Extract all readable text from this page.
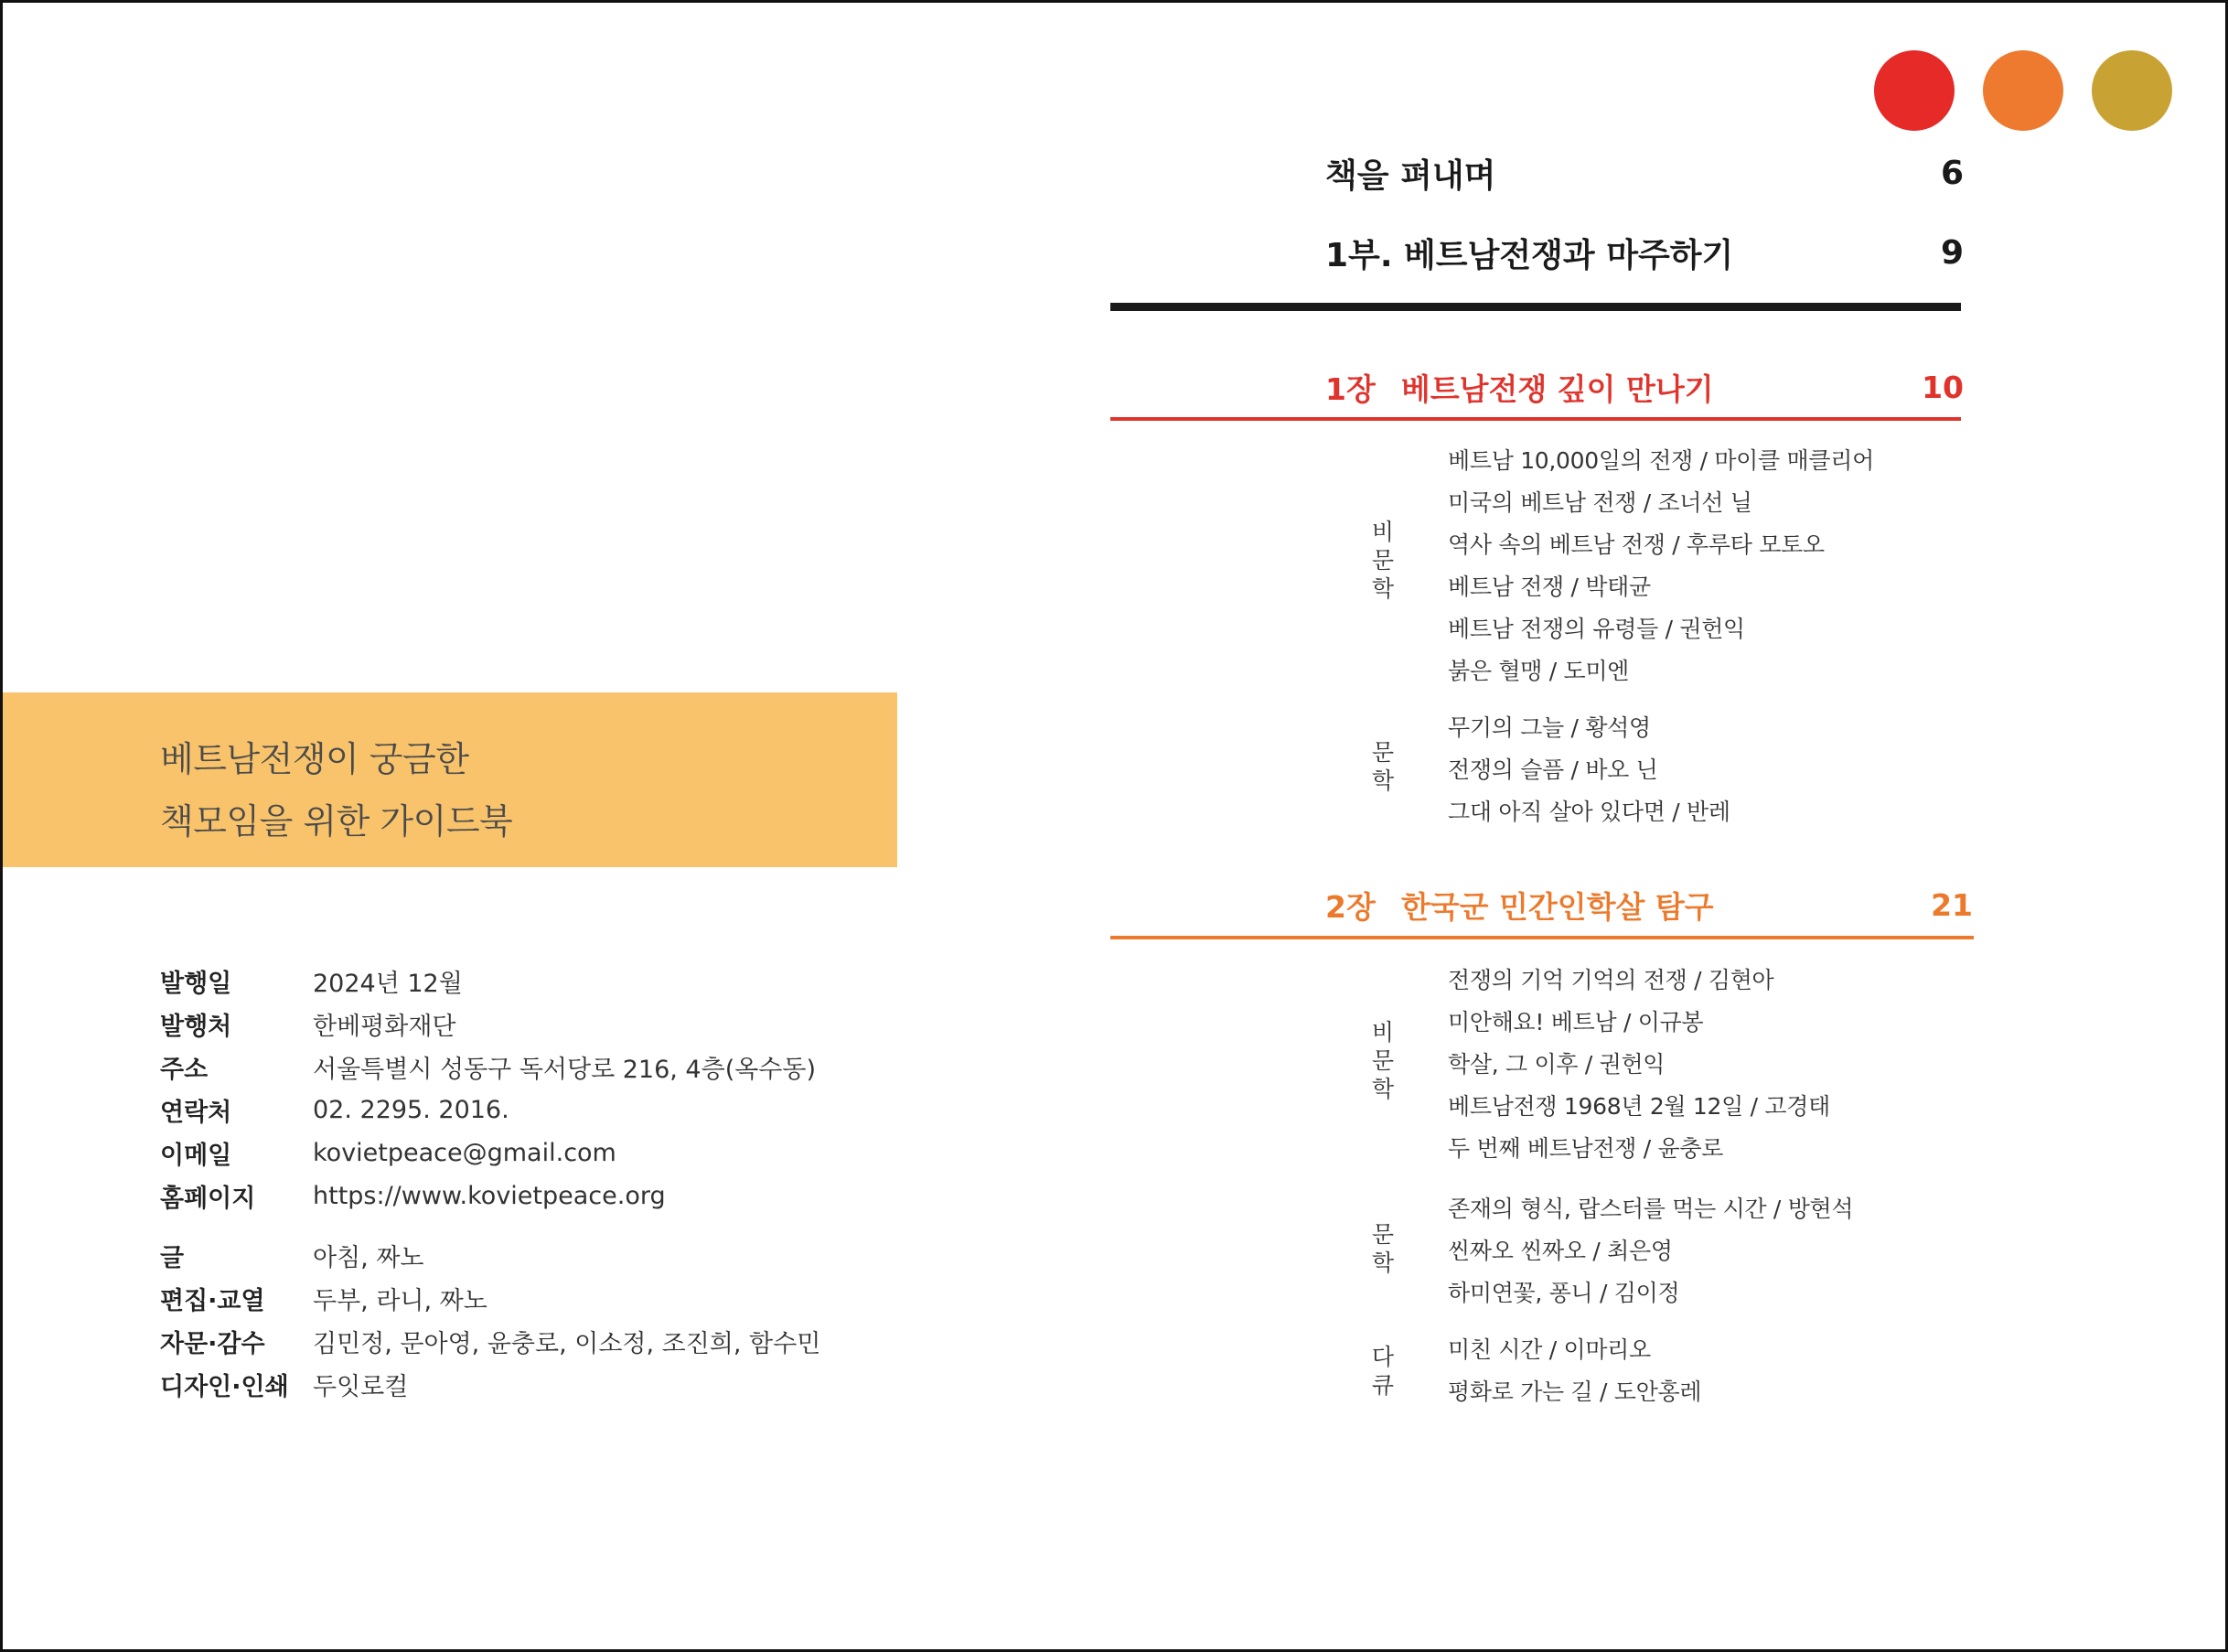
베트남전쟁이 궁금한
책모임을 위한 가이드북
발행일	2024년 12월
발행처	한베평화재단
주소	서울특별시 성동구 독서당로 216, 4층(옥수동)
연락처	02. 2295. 2016.
이메일	kovietpeace@gmail.com
홈페이지	https://www.kovietpeace.org
글	아침, 짜노
편집·교열	두부, 라니, 짜노
자문·감수	김민정, 문아영, 윤충로, 이소정, 조진희, 함수민
디자인·인쇄 두잇로컬
책을 펴내며	6
1부. 베트남전쟁과 마주하기	9
1장 베트남전쟁 깊이 만나기	10
비
문
학
베트남 10,000일의 전쟁 / 마이클 매클리어
미국의 베트남 전쟁 / 조너선 닐
역사 속의 베트남 전쟁 / 후루타 모토오
베트남 전쟁 / 박태균
베트남 전쟁의 유령들 / 권헌익
붉은 혈맹 / 도미엔
문
학
무기의 그늘 / 황석영
전쟁의 슬픔 / 바오 닌
그대 아직 살아 있다면 / 반레
2장 한국군 민간인학살 탐구	21
비
문
학
전쟁의 기억 기억의 전쟁 / 김현아
미안해요! 베트남 / 이규봉
학살, 그 이후 / 권헌익
베트남전쟁 1968년 2월 12일 / 고경태
두 번째 베트남전쟁 / 윤충로
문
학
존재의 형식, 랍스터를 먹는 시간 / 방현석
씬짜오 씬짜오 / 최은영
하미연꽃, 퐁니 / 김이정
다
큐
미친 시간 / 이마리오
평화로 가는 길 / 도안홍레
